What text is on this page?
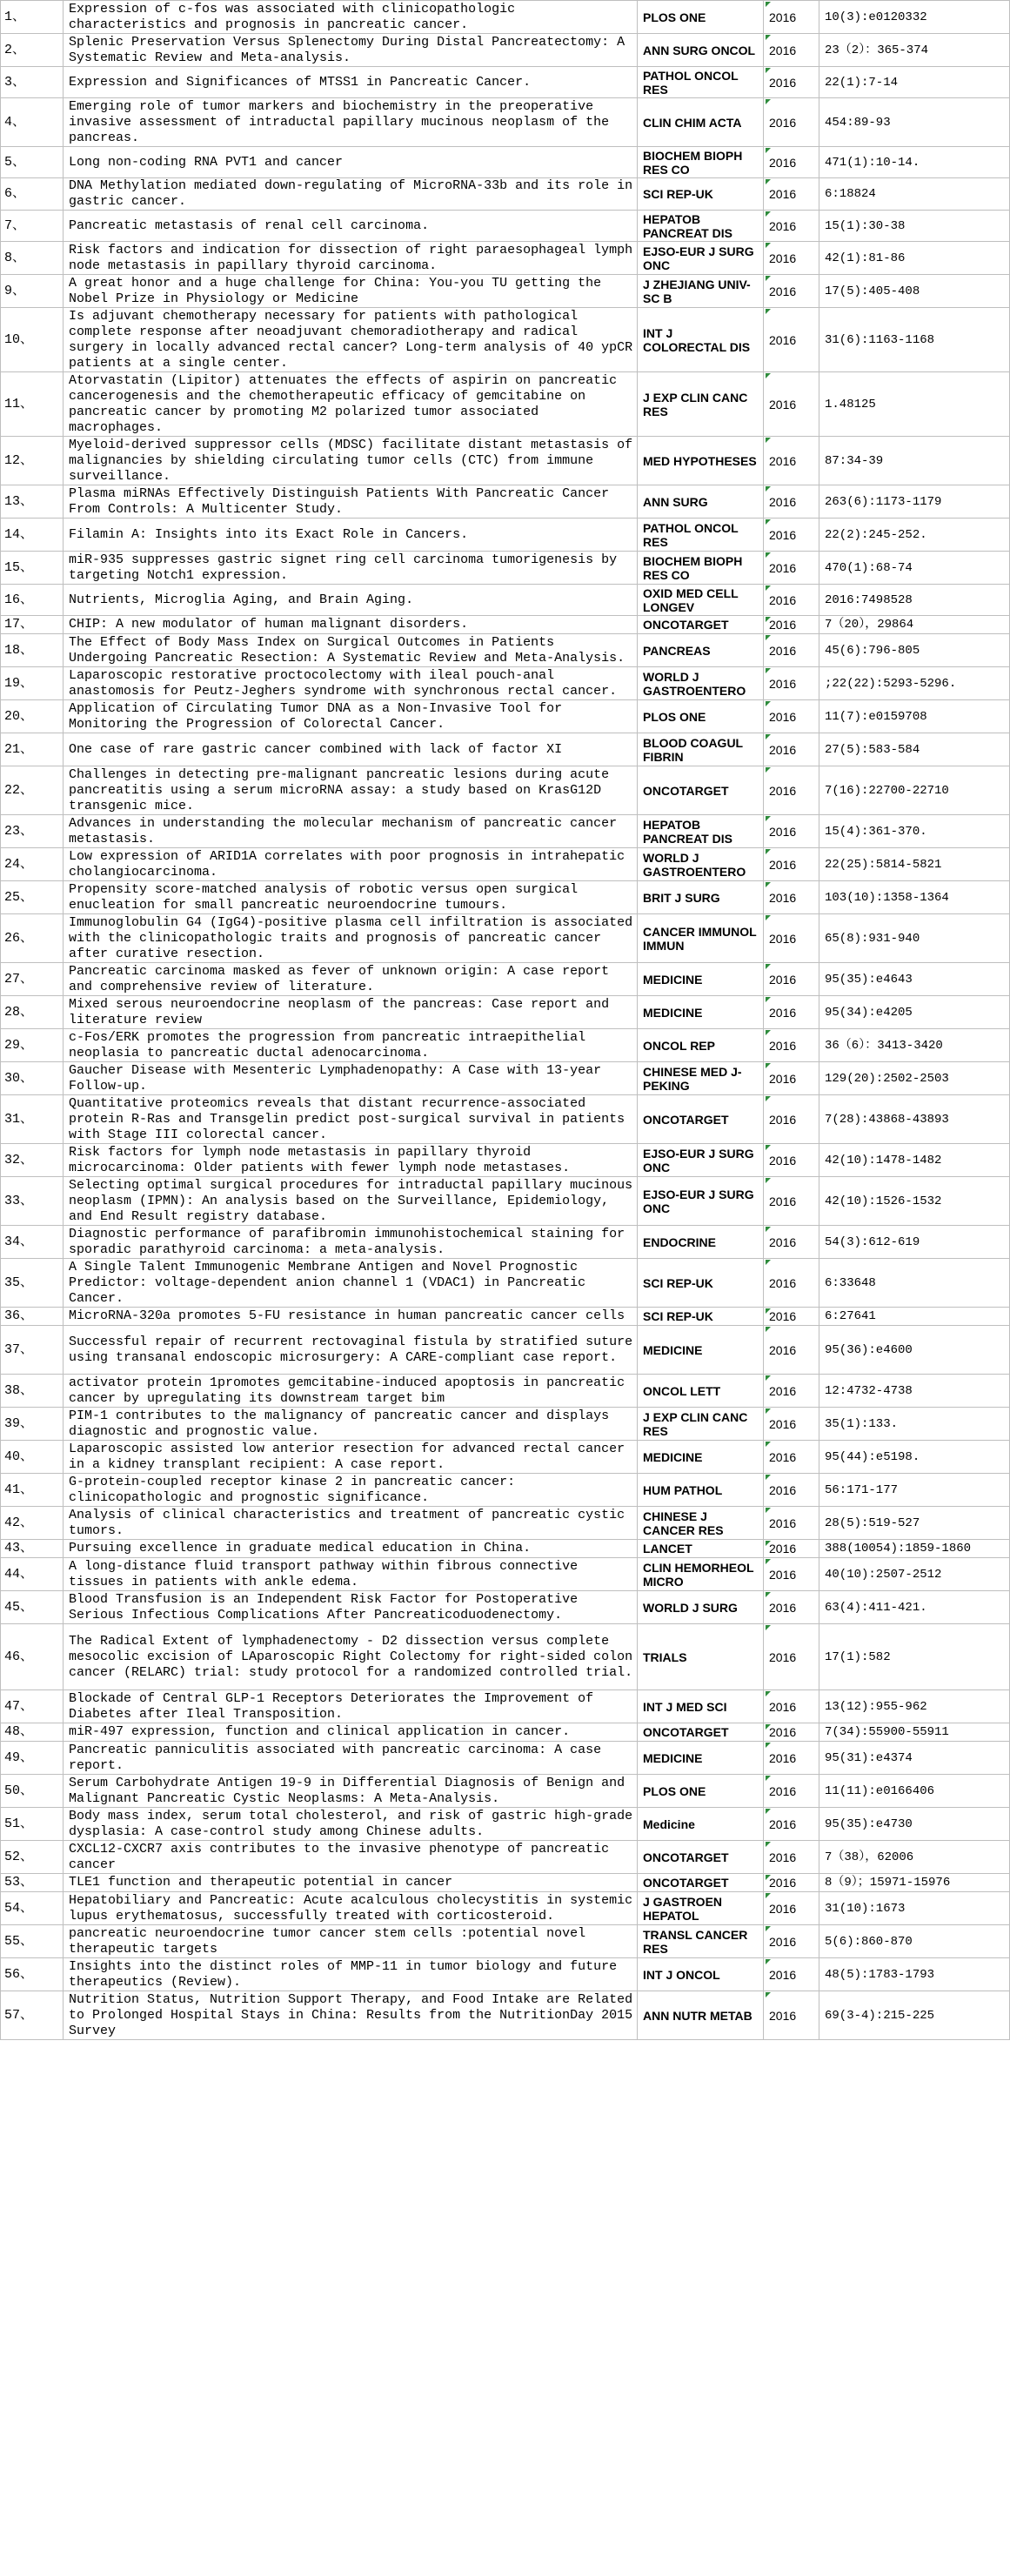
1、	Expression of c-fos was associated with clinicopathologic characteristics and prognosis in pancreatic cancer.	PLOS ONE	2016	10(3):e0120332
2、	Splenic Preservation Versus Splenectomy During Distal Pancreatectomy: A Systematic Review and Meta-analysis.	ANN SURG ONCOL	2016	23（2）：365-374
3、	Expression and Significances of MTSS1 in Pancreatic Cancer.	PATHOL ONCOL RES	2016	22(1):7-14
4、	Emerging role of tumor markers and biochemistry in the preoperative invasive assessment of intraductal papillary mucinous neoplasm of the pancreas.	CLIN CHIM ACTA	2016	454:89-93
5、	Long non-coding RNA PVT1 and cancer	BIOCHEM BIOPH RES CO	2016	471(1):10-14.
6、	DNA Methylation mediated down-regulating of MicroRNA-33b and its role in gastric cancer.	SCI REP-UK	2016	6:18824
7、	Pancreatic metastasis of renal cell carcinoma.	HEPATOB PANCREAT DIS	2016	15(1):30-38
8、	Risk factors and indication for dissection of right paraesophageal lymph node metastasis in papillary thyroid carcinoma.	EJSO-EUR J SURG ONC	2016	42(1):81-86
9、	A great honor and a huge challenge for China: You-you TU getting the Nobel Prize in Physiology or Medicine	J ZHEJIANG UNIV-SC B	2016	17(5):405-408
10、	Is adjuvant chemotherapy necessary for patients with pathological complete response after neoadjuvant chemoradiotherapy and radical surgery in locally advanced rectal cancer? Long-term analysis of 40 ypCR patients at a single center.	INT J COLORECTAL DIS	2016	31(6):1163-1168
11、	Atorvastatin (Lipitor) attenuates the effects of aspirin on pancreatic cancerogenesis and the chemotherapeutic efficacy of gemcitabine on pancreatic cancer by promoting M2 polarized tumor associated macrophages.	J EXP CLIN CANC RES	2016	1.48125
12、	Myeloid-derived suppressor cells (MDSC) facilitate distant metastasis of malignancies by shielding circulating tumor cells (CTC) from immune surveillance.	MED HYPOTHESES	2016	87:34-39
13、	Plasma miRNAs Effectively Distinguish Patients With Pancreatic Cancer From Controls: A Multicenter Study.	ANN SURG	2016	263(6):1173-1179
14、	Filamin A: Insights into its Exact Role in Cancers.	PATHOL ONCOL RES	2016	22(2):245-252.
15、	miR-935 suppresses gastric signet ring cell carcinoma tumorigenesis by targeting Notch1 expression.	BIOCHEM BIOPH RES CO	2016	470(1):68-74
16、	Nutrients, Microglia Aging, and Brain Aging.	OXID MED CELL LONGEV	2016	2016:7498528
17、	CHIP: A new modulator of human malignant disorders.	ONCOTARGET	2016	7（20），29864
18、	The Effect of Body Mass Index on Surgical Outcomes in Patients Undergoing Pancreatic Resection: A Systematic Review and Meta-Analysis.	PANCREAS	2016	45(6):796-805
19、	Laparoscopic restorative proctocolectomy with ileal pouch-anal anastomosis for Peutz-Jeghers syndrome with synchronous rectal cancer.	WORLD J GASTROENTERO	2016	;22(22):5293-5296.
20、	Application of Circulating Tumor DNA as a Non-Invasive Tool for Monitoring the Progression of Colorectal Cancer.	PLOS ONE	2016	11(7):e0159708
21、	One case of rare gastric cancer combined with lack of factor XI	BLOOD COAGUL FIBRIN	2016	27(5):583-584
22、	Challenges in detecting pre-malignant pancreatic lesions during acute pancreatitis using a serum microRNA assay: a study based on KrasG12D transgenic mice.	ONCOTARGET	2016	7(16):22700-22710
23、	Advances in understanding the molecular mechanism of pancreatic cancer metastasis.	HEPATOB PANCREAT DIS	2016	15(4):361-370.
24、	Low expression of ARID1A correlates with poor prognosis in intrahepatic cholangiocarcinoma.	WORLD J GASTROENTERO	2016	22(25):5814-5821
25、	Propensity score-matched analysis of robotic versus open surgical enucleation for small pancreatic neuroendocrine tumours.	BRIT J SURG	2016	103(10):1358-1364
26、	Immunoglobulin G4 (IgG4)-positive plasma cell infiltration is associated with the clinicopathologic traits and prognosis of pancreatic cancer after curative resection.	CANCER IMMUNOL IMMUN	2016	65(8):931-940
27、	Pancreatic carcinoma masked as fever of unknown origin: A case report and comprehensive review of literature.	MEDICINE	2016	95(35):e4643
28、	Mixed serous neuroendocrine neoplasm of the pancreas: Case report and literature review	MEDICINE	2016	95(34):e4205
29、	c-Fos/ERK promotes the progression from pancreatic intraepithelial neoplasia to pancreatic ductal adenocarcinoma.	ONCOL REP	2016	36（6）：3413-3420
30、	Gaucher Disease with Mesenteric Lymphadenopathy: A Case with 13-year Follow-up.	CHINESE MED J-PEKING	2016	129(20):2502-2503
31、	Quantitative proteomics reveals that distant recurrence-associated protein R-Ras and Transgelin predict post-surgical survival in patients with Stage III colorectal cancer.	ONCOTARGET	2016	7(28):43868-43893
32、	Risk factors for lymph node metastasis in papillary thyroid microcarcinoma: Older patients with fewer lymph node metastases.	EJSO-EUR J SURG ONC	2016	42(10):1478-1482
33、	Selecting optimal surgical procedures for intraductal papillary mucinous neoplasm (IPMN): An analysis based on the Surveillance, Epidemiology, and End Result registry database.	EJSO-EUR J SURG ONC	2016	42(10):1526-1532
34、	Diagnostic performance of parafibromin immunohistochemical staining for sporadic parathyroid carcinoma: a meta-analysis.	ENDOCRINE	2016	54(3):612-619
35、	A Single Talent Immunogenic Membrane Antigen and Novel Prognostic Predictor: voltage-dependent anion channel 1 (VDAC1) in Pancreatic Cancer.	SCI REP-UK	2016	6:33648
36、	MicroRNA-320a promotes 5-FU resistance in human pancreatic cancer cells	SCI REP-UK	2016	6:27641
37、	Successful repair of recurrent rectovaginal fistula by stratified suture using transanal endoscopic microsurgery: A CARE-compliant case report.	MEDICINE	2016	95(36):e4600
38、	activator protein 1promotes gemcitabine-induced apoptosis in pancreatic cancer by upregulating its downstream target bim	ONCOL LETT	2016	12:4732-4738
39、	PIM-1 contributes to the malignancy of pancreatic cancer and displays diagnostic and prognostic value.	J EXP CLIN CANC RES	2016	35(1):133.
40、	Laparoscopic assisted low anterior resection for advanced rectal cancer in a kidney transplant recipient: A case report.	MEDICINE	2016	95(44):e5198.
41、	G-protein-coupled receptor kinase 2 in pancreatic cancer: clinicopathologic and prognostic significance.	HUM PATHOL	2016	56:171-177
42、	Analysis of clinical characteristics and treatment of pancreatic cystic tumors.	CHINESE J CANCER RES	2016	28(5):519-527
43、	Pursuing excellence in graduate medical education in China.	LANCET	2016	388(10054):1859-1860
44、	A long-distance fluid transport pathway within fibrous connective tissues in patients with ankle edema.	CLIN HEMORHEOL MICRO	2016	40(10):2507-2512
45、	Blood Transfusion is an Independent Risk Factor for Postoperative Serious Infectious Complications After Pancreaticoduodenectomy.	WORLD J SURG	2016	63(4):411-421.
46、	The Radical Extent of lymphadenectomy - D2 dissection versus complete mesocolic excision of LAparoscopic Right Colectomy for right-sided colon cancer (RELARC) trial: study protocol for a randomized controlled trial.	TRIALS	2016	17(1):582
47、	Blockade of Central GLP-1 Receptors Deteriorates the Improvement of Diabetes after Ileal Transposition.	INT J MED SCI	2016	13(12):955-962
48、	miR-497 expression, function and clinical application in cancer.	ONCOTARGET	2016	7(34):55900-55911
49、	Pancreatic panniculitis associated with pancreatic carcinoma: A case report.	MEDICINE	2016	95(31):e4374
50、	Serum Carbohydrate Antigen 19-9 in Differential Diagnosis of Benign and Malignant Pancreatic Cystic Neoplasms: A Meta-Analysis.	PLOS ONE	2016	11(11):e0166406
51、	Body mass index, serum total cholesterol, and risk of gastric high-grade dysplasia: A case-control study among Chinese adults.	Medicine	2016	95(35):e4730
52、	CXCL12-CXCR7 axis contributes to the invasive phenotype of pancreatic cancer	ONCOTARGET	2016	7（38），62006
53、	TLE1 function and therapeutic potential in cancer	ONCOTARGET	2016	8（9）；15971-15976
54、	Hepatobiliary and Pancreatic: Acute acalculous cholecystitis in systemic lupus erythematosus, successfully treated with corticosteroid.	J GASTROEN HEPATOL	2016	31(10):1673
55、	pancreatic neuroendocrine tumor cancer stem cells :potential novel therapeutic targets	TRANSL CANCER RES	2016	5(6):860-870
56、	Insights into the distinct roles of MMP-11 in tumor biology and future therapeutics (Review).	INT J ONCOL	2016	48(5):1783-1793
57、	Nutrition Status, Nutrition Support Therapy, and Food Intake are Related to Prolonged Hospital Stays in China: Results from the NutritionDay 2015 Survey	ANN NUTR METAB	2016	69(3-4):215-225
